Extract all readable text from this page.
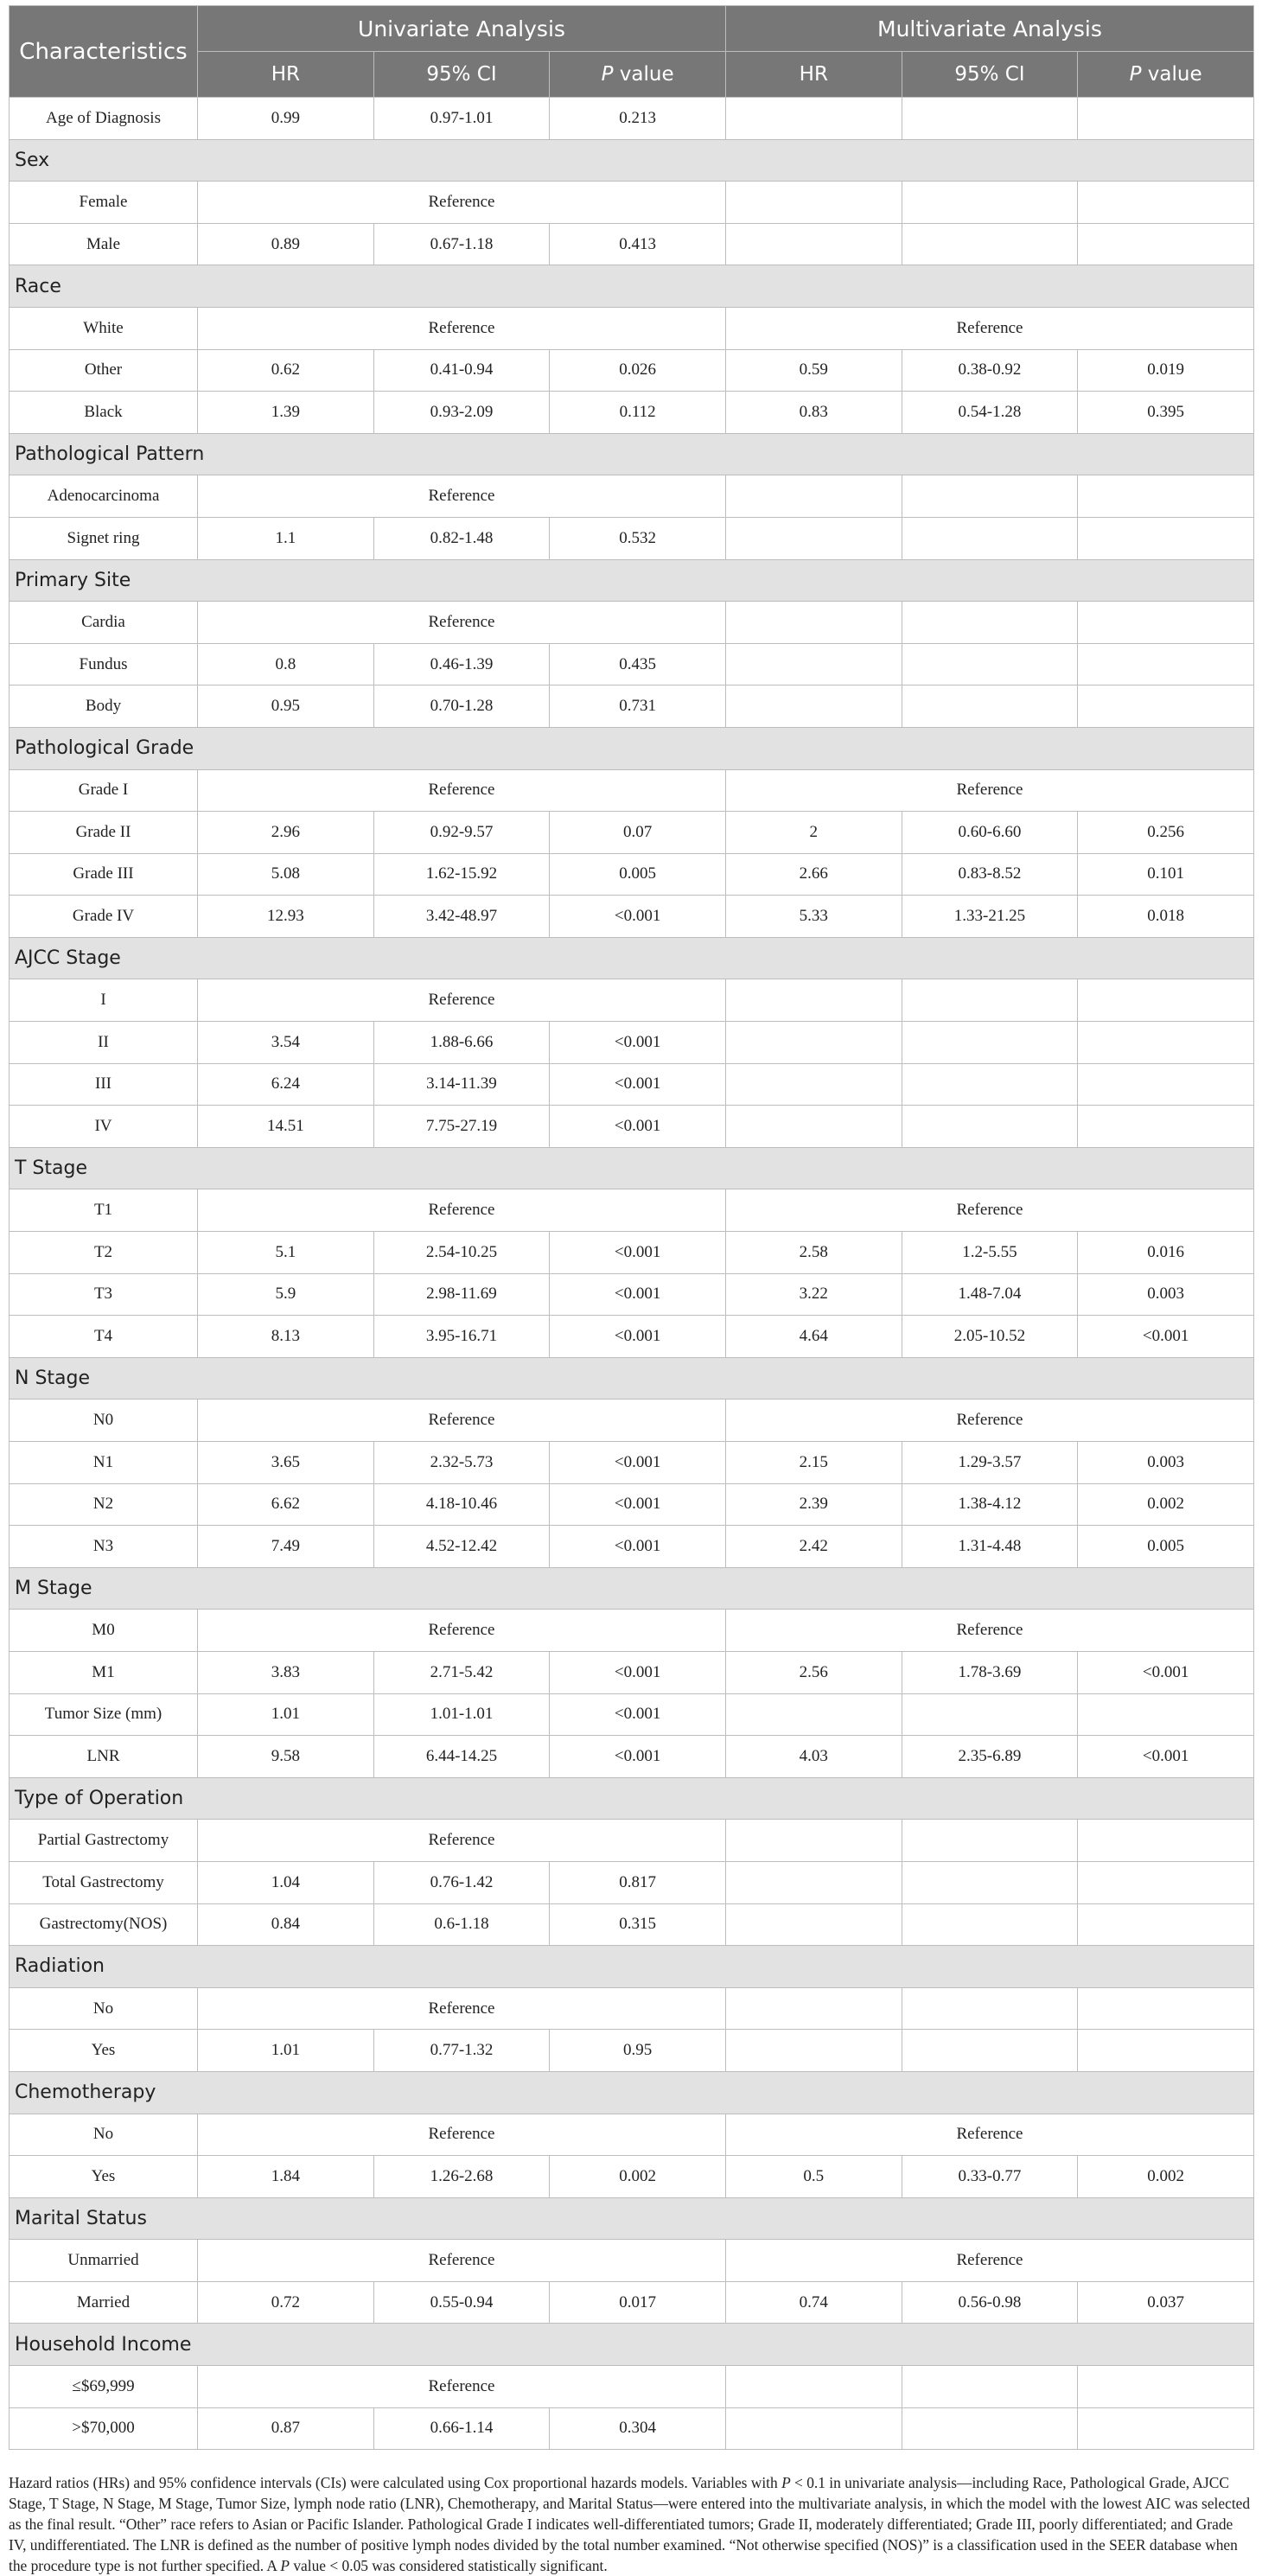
Characteristics	Univariate Analysis			Multivariate Analysis		
	HR	95% CI	P value	HR	95% CI	P value
Age of Diagnosis	0.99	0.97-1.01	0.213			
Sex						
Female	Reference					
Male	0.89	0.67-1.18	0.413			
Race						
White	Reference			Reference		
Other	0.62	0.41-0.94	0.026	0.59	0.38-0.92	0.019
Black	1.39	0.93-2.09	0.112	0.83	0.54-1.28	0.395
Pathological Pattern						
Adenocarcinoma	Reference					
Signet ring	1.1	0.82-1.48	0.532			
Primary Site						
Cardia	Reference					
Fundus	0.8	0.46-1.39	0.435			
Body	0.95	0.70-1.28	0.731			
Pathological Grade						
Grade I	Reference			Reference		
Grade II	2.96	0.92-9.57	0.07	2	0.60-6.60	0.256
Grade III	5.08	1.62-15.92	0.005	2.66	0.83-8.52	0.101
Grade IV	12.93	3.42-48.97	<0.001	5.33	1.33-21.25	0.018
AJCC Stage						
I	Reference					
II	3.54	1.88-6.66	<0.001			
III	6.24	3.14-11.39	<0.001			
IV	14.51	7.75-27.19	<0.001			
T Stage						
T1	Reference			Reference		
T2	5.1	2.54-10.25	<0.001	2.58	1.2-5.55	0.016
T3	5.9	2.98-11.69	<0.001	3.22	1.48-7.04	0.003
T4	8.13	3.95-16.71	<0.001	4.64	2.05-10.52	<0.001
N Stage						
N0	Reference			Reference		
N1	3.65	2.32-5.73	<0.001	2.15	1.29-3.57	0.003
N2	6.62	4.18-10.46	<0.001	2.39	1.38-4.12	0.002
N3	7.49	4.52-12.42	<0.001	2.42	1.31-4.48	0.005
M Stage						
M0	Reference			Reference		
M1	3.83	2.71-5.42	<0.001	2.56	1.78-3.69	<0.001
Tumor Size (mm)	1.01	1.01-1.01	<0.001			
LNR	9.58	6.44-14.25	<0.001	4.03	2.35-6.89	<0.001
Type of Operation						
Partial Gastrectomy	Reference					
Total Gastrectomy	1.04	0.76-1.42	0.817			
Gastrectomy(NOS)	0.84	0.6-1.18	0.315			
Radiation						
No	Reference					
Yes	1.01	0.77-1.32	0.95			
Chemotherapy						
No	Reference			Reference		
Yes	1.84	1.26-2.68	0.002	0.5	0.33-0.77	0.002
Marital Status						
Unmarried	Reference			Reference		
Married	0.72	0.55-0.94	0.017	0.74	0.56-0.98	0.037
Household Income						
≤$69,999	Reference					
>$70,000	0.87	0.66-1.14	0.304			

Hazard ratios (HRs) and 95% confidence intervals (CIs) were calculated using Cox proportional hazards models. Variables with P < 0.1 in univariate analysis—including Race, Pathological Grade, AJCC Stage, T Stage, N Stage, M Stage, Tumor Size, lymph node ratio (LNR), Chemotherapy, and Marital Status—were entered into the multivariate analysis, in which the model with the lowest AIC was selected as the final result. “Other” race refers to Asian or Pacific Islander. Pathological Grade I indicates well-differentiated tumors; Grade II, moderately differentiated; Grade III, poorly differentiated; and Grade IV, undifferentiated. The LNR is defined as the number of positive lymph nodes divided by the total number examined. “Not otherwise specified (NOS)” is a classification used in the SEER database when the procedure type is not further specified. A P value < 0.05 was considered statistically significant.
